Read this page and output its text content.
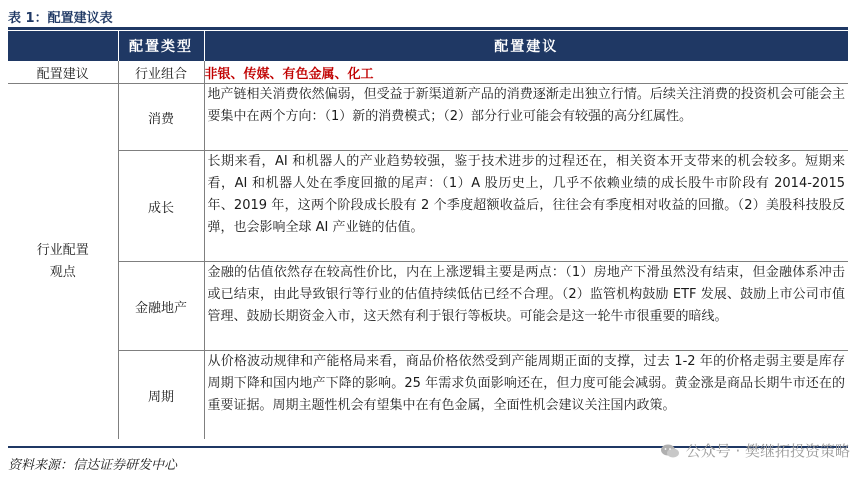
表 1：配置建议表
	配置类型	配置建议
配置建议	行业组合	非银、传媒、有色金属、化工

行业配置
观点	消费	地产链相关消费依然偏弱，但受益于新渠道新产品的消费逐渐走出独立行情。后续关注消费的投资机会可能会主要集中在两个方向：（1）新的消费模式；（2）部分行业可能会有较强的高分红属性。
	成长	长期来看，AI 和机器人的产业趋势较强，鉴于技术进步的过程还在，相关资本开支带来的机会较多。短期来看，AI 和机器人处在季度回撤的尾声：（1）A 股历史上，几乎不依赖业绩的成长股牛市阶段有 2014-2015 年、2019 年，这两个阶段成长股有 2 个季度超额收益后，往往会有季度相对收益的回撤。（2）美股科技股反弹，也会影响全球 AI 产业链的估值。
	金融地产	金融的估值依然存在较高性价比，内在上涨逻辑主要是两点：（1）房地产下滑虽然没有结束，但金融体系冲击或已结束，由此导致银行等行业的估值持续低估已经不合理。（2）监管机构鼓励 ETF 发展、鼓励上市公司市值管理、鼓励长期资金入市，这天然有利于银行等板块。可能会是这一轮牛市很重要的暗线。
	周期	从价格波动规律和产能格局来看，商品价格依然受到产能周期正面的支撑，过去 1-2 年的价格走弱主要是库存周期下降和国内地产下降的影响。25 年需求负面影响还在，但力度可能会减弱。黄金涨是商品长期牛市还在的重要证据。周期主题性机会有望集中在有色金属，全面性机会建议关注国内政策。
资料来源：信达证券研发中心
公众号 · 樊继拓投资策略
